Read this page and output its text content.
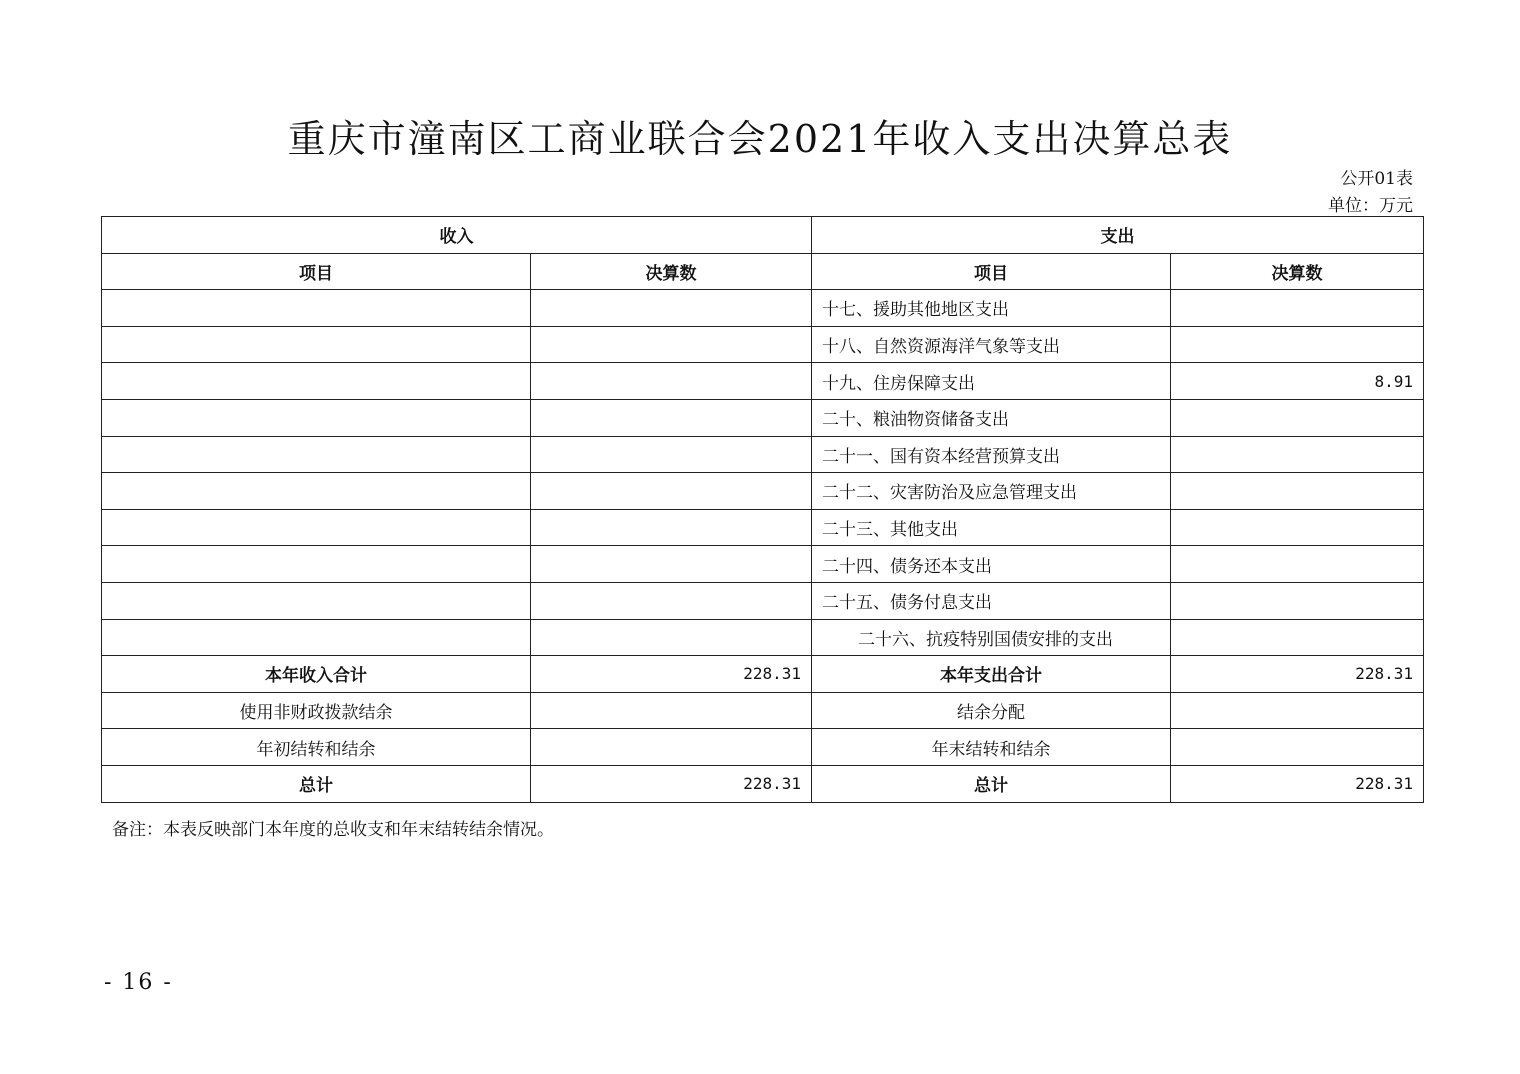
重庆市潼南区工商业联合会2021年收入支出决算总表
公开01表
单位：万元
收入		支出	
项目	决算数	项目	决算数
		十七、援助其他地区支出	
		十八、自然资源海洋气象等支出	
		十九、住房保障支出	8.91
		二十、粮油物资储备支出	
		二十一、国有资本经营预算支出	
		二十二、灾害防治及应急管理支出	
		二十三、其他支出	
		二十四、债务还本支出	
		二十五、债务付息支出	
		二十六、抗疫特别国债安排的支出	
本年收入合计	228.31	本年支出合计	228.31
使用非财政拨款结余		结余分配	
年初结转和结余		年末结转和结余	
总计	228.31	总计	228.31
备注：本表反映部门本年度的总收支和年末结转结余情况。
- 16 -
